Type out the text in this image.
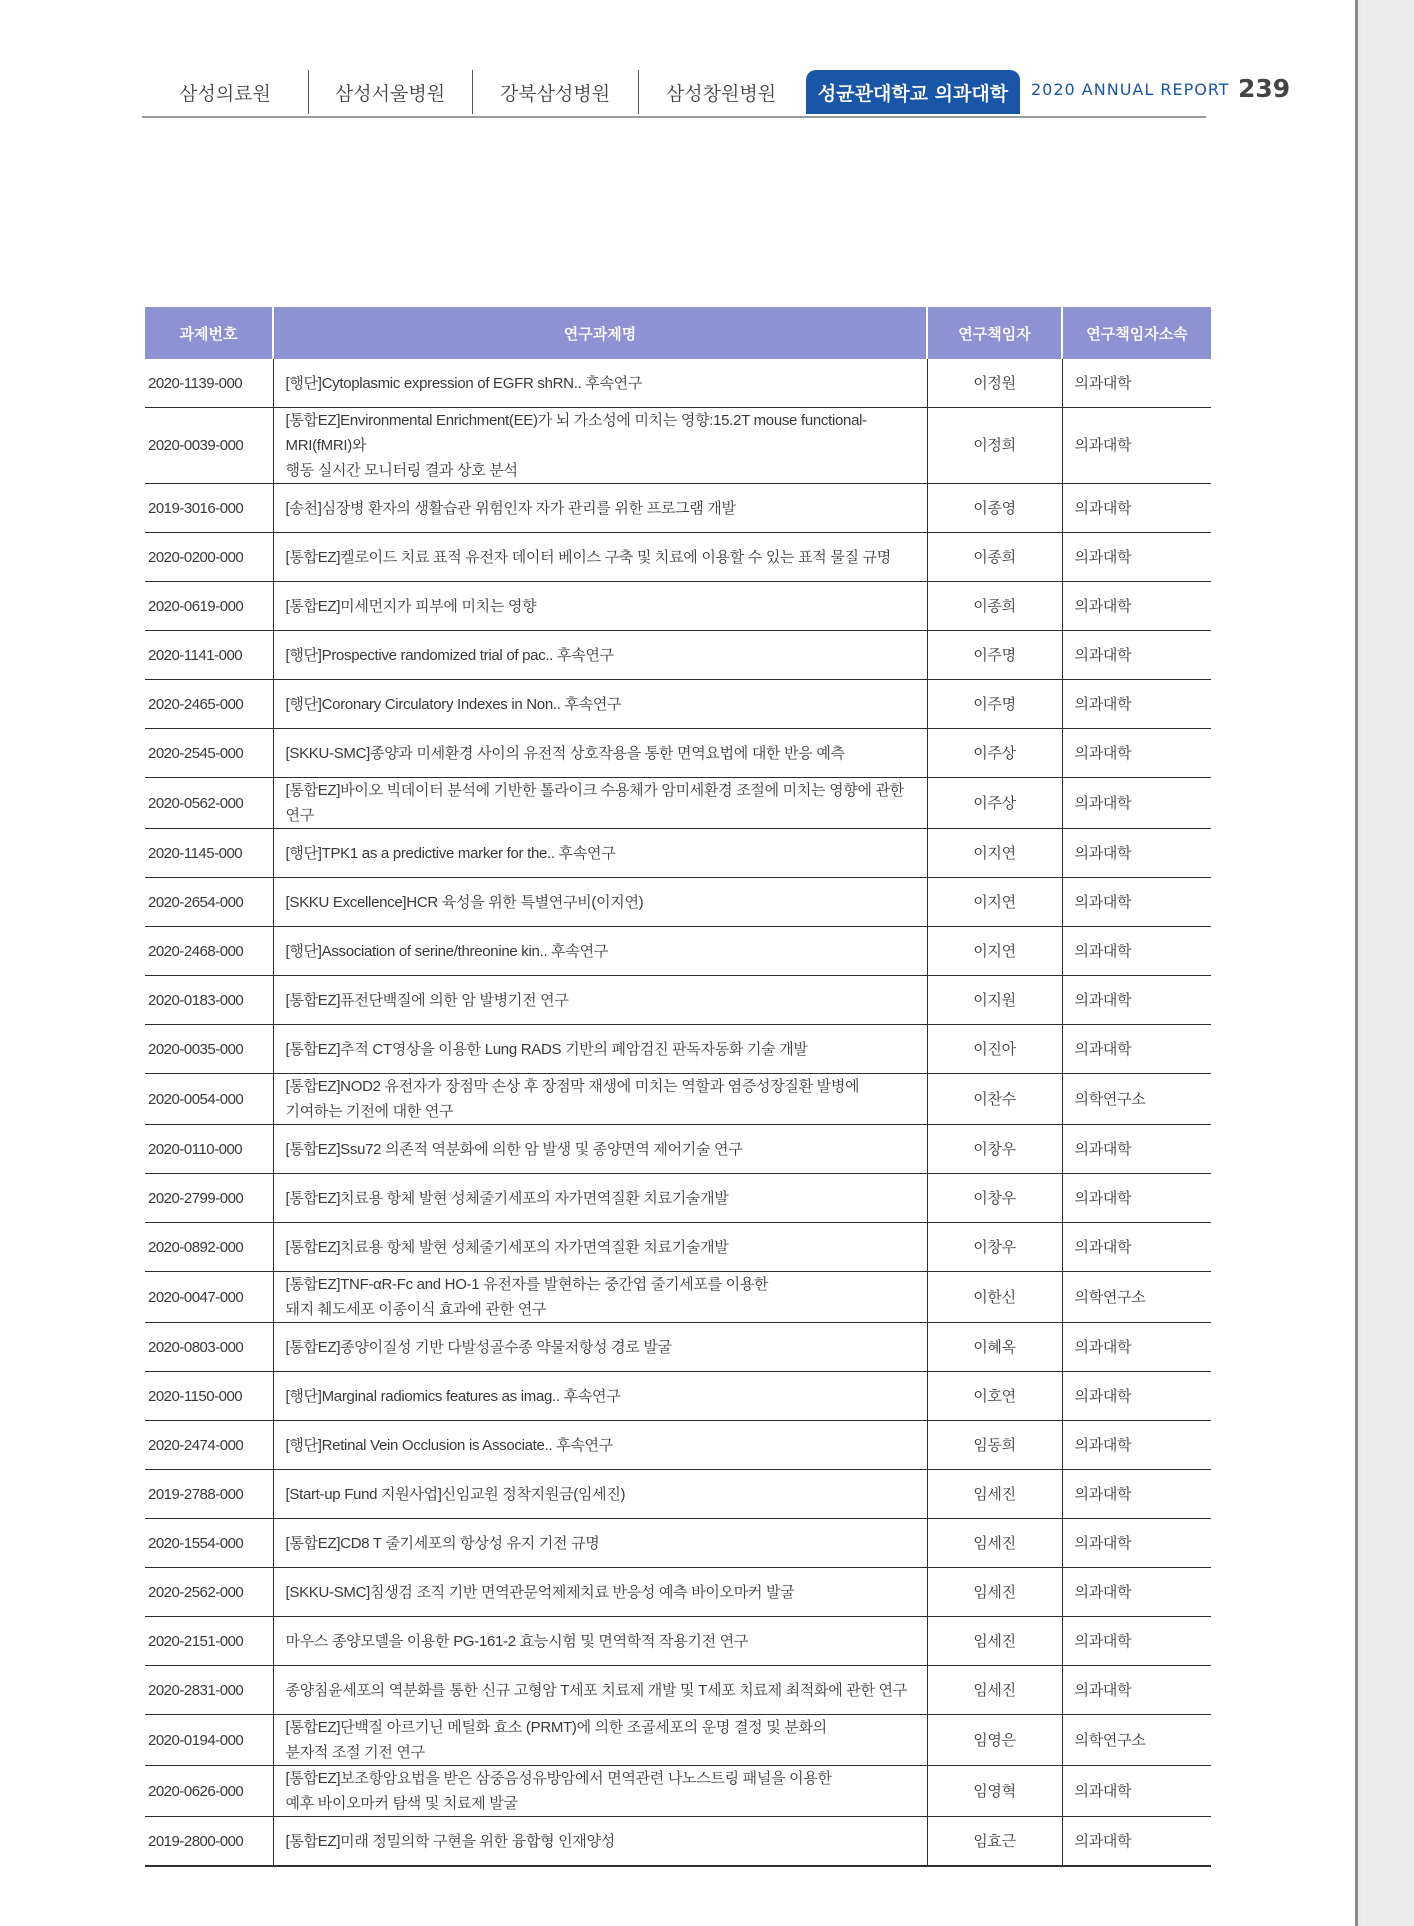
삼성의료원	삼성서울병원	강북삼성병원	삼성창원병원 성균관대학교 의과대학 2020 ANNUAL REPORT 239
과제번호	연구과제명	연구책임자	연구책임자소속
2020-1139-000	[행단]Cytoplasmic expression of EGFR shRN.. 후속연구	이정원	의과대학
2020-0039-000	[통합EZ]Environmental Enrichment(EE)가 뇌 가소성에 미치는 영향:15.2T mouse functional-MRI(fMRI)와
행동 실시간 모니터링 결과 상호 분석	이정희	의과대학
2019-3016-000	[송천]심장병 환자의 생활습관 위험인자 자가 관리를 위한 프로그램 개발	이종영	의과대학
2020-0200-000	[통합EZ]켈로이드 치료 표적 유전자 데이터 베이스 구축 및 치료에 이용할 수 있는 표적 물질 규명	이종희	의과대학
2020-0619-000	[통합EZ]미세먼지가 피부에 미치는 영향	이종희	의과대학
2020-1141-000	[행단]Prospective randomized trial of pac.. 후속연구	이주명	의과대학
2020-2465-000	[행단]Coronary Circulatory Indexes in Non.. 후속연구	이주명	의과대학
2020-2545-000	[SKKU-SMC]종양과 미세환경 사이의 유전적 상호작용을 통한 면역요법에 대한 반응 예측	이주상	의과대학
2020-0562-000	[통합EZ]바이오 빅데이터 분석에 기반한 톨라이크 수용체가 암미세환경 조절에 미치는 영향에 관한 연구	이주상	의과대학
2020-1145-000	[행단]TPK1 as a predictive marker for the.. 후속연구	이지연	의과대학
2020-2654-000	[SKKU Excellence]HCR 육성을 위한 특별연구비(이지연)	이지연	의과대학
2020-2468-000	[행단]Association of serine/threonine kin.. 후속연구	이지연	의과대학
2020-0183-000	[통합EZ]퓨전단백질에 의한 암 발병기전 연구	이지원	의과대학
2020-0035-000	[통합EZ]추적 CT영상을 이용한 Lung RADS 기반의 폐암검진 판독자동화 기술 개발	이진아	의과대학
2020-0054-000	[통합EZ]NOD2 유전자가 장점막 손상 후 장점막 재생에 미치는 역할과 염증성장질환 발병에
기여하는 기전에 대한 연구	이찬수	의학연구소
2020-0110-000	[통합EZ]Ssu72 의존적 역분화에 의한 암 발생 및 종양면역 제어기술 연구	이창우	의과대학
2020-2799-000	[통합EZ]치료용 항체 발현 성체줄기세포의 자가면역질환 치료기술개발	이창우	의과대학
2020-0892-000	[통합EZ]치료용 항체 발현 성체줄기세포의 자가면역질환 치료기술개발	이창우	의과대학
2020-0047-000	[통합EZ]TNF-αR-Fc and HO-1 유전자를 발현하는 중간엽 줄기세포를 이용한
돼지 췌도세포 이종이식 효과에 관한 연구	이한신	의학연구소
2020-0803-000	[통합EZ]종양이질성 기반 다발성골수종 약물저항성 경로 발굴	이혜옥	의과대학
2020-1150-000	[행단]Marginal radiomics features as imag.. 후속연구	이호연	의과대학
2020-2474-000	[행단]Retinal Vein Occlusion is Associate.. 후속연구	임동희	의과대학
2019-2788-000	[Start-up Fund 지원사업]신임교원 정착지원금(임세진)	임세진	의과대학
2020-1554-000	[통합EZ]CD8 T 줄기세포의 항상성 유지 기전 규명	임세진	의과대학
2020-2562-000	[SKKU-SMC]침생검 조직 기반 면역관문억제제치료 반응성 예측 바이오마커 발굴	임세진	의과대학
2020-2151-000	마우스 종양모델을 이용한 PG-161-2 효능시험 및 면역학적 작용기전 연구	임세진	의과대학
2020-2831-000	종양침윤세포의 역분화를 통한 신규 고형암 T세포 치료제 개발 및 T세포 치료제 최적화에 관한 연구	임세진	의과대학
2020-0194-000	[통합EZ]단백질 아르기닌 메틸화 효소 (PRMT)에 의한 조골세포의 운명 결정 및 분화의
분자적 조절 기전 연구	임영은	의학연구소
2020-0626-000	[통합EZ]보조항암요법을 받은 삼중음성유방암에서 면역관련 나노스트링 패널을 이용한
예후 바이오마커 탐색 및 치료제 발굴	임영혁	의과대학
2019-2800-000	[통합EZ]미래 정밀의학 구현을 위한 융합형 인재양성	임효근	의과대학
